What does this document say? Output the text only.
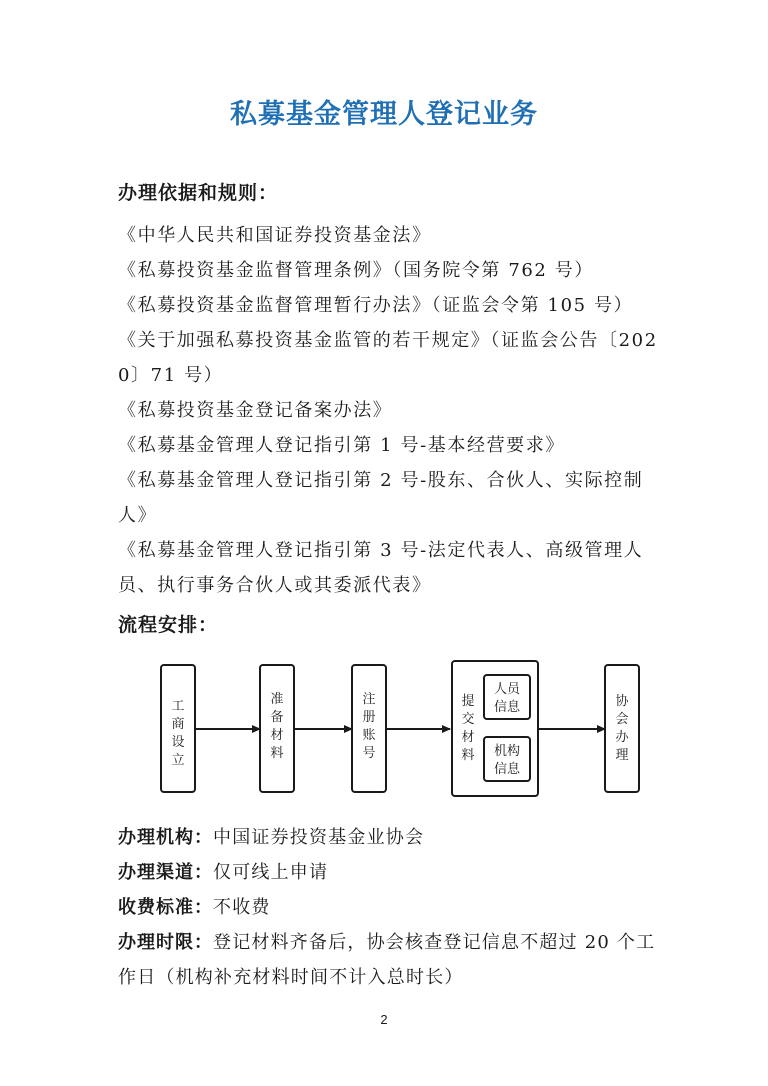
私募基金管理人登记业务
办理依据和规则：
《中华人民共和国证券投资基金法》
《私募投资基金监督管理条例》（国务院令第 762 号）
《私募投资基金监督管理暂行办法》（证监会令第 105 号）
《关于加强私募投资基金监管的若干规定》（证监会公告〔2020〕71 号）
《私募投资基金登记备案办法》
《私募基金管理人登记指引第 1 号-基本经营要求》
《私募基金管理人登记指引第 2 号-股东、合伙人、实际控制人》
《私募基金管理人登记指引第 3 号-法定代表人、高级管理人员、执行事务合伙人或其委派代表》
流程安排：
工
商
设
立
准
备
材
料
注
册
账
号
提
交
材
料
人员
信息
机构
信息
协
会
办
理
办理机构：中国证券投资基金业协会
办理渠道：仅可线上申请
收费标准：不收费
办理时限：登记材料齐备后，协会核查登记信息不超过 20 个工作日（机构补充材料时间不计入总时长）
2
